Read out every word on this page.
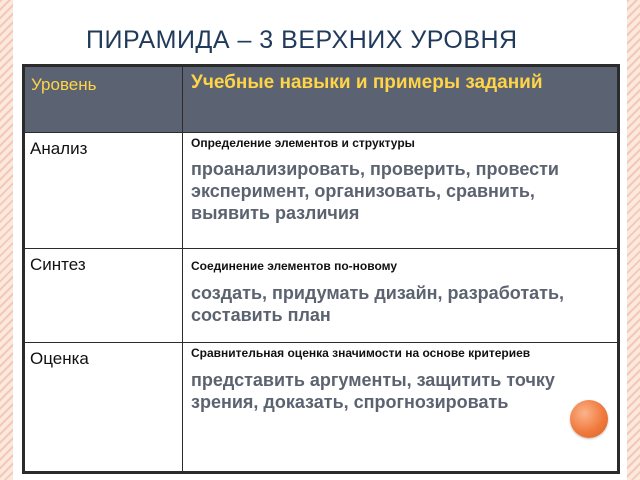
ПИРАМИДА – 3 ВЕРХНИХ УРОВНЯ
Уровень	Учебные навыки и примеры заданий
Анализ	Определение элементов и структуры
проанализировать, проверить, провести эксперимент, организовать, сравнить, выявить различия

Синтез	Соединение элементов по-новому
создать, придумать дизайн, разработать, составить план

Оценка	Сравнительная оценка значимости на основе критериев
представить аргументы, защитить точку зрения, доказать, спрогнозировать
